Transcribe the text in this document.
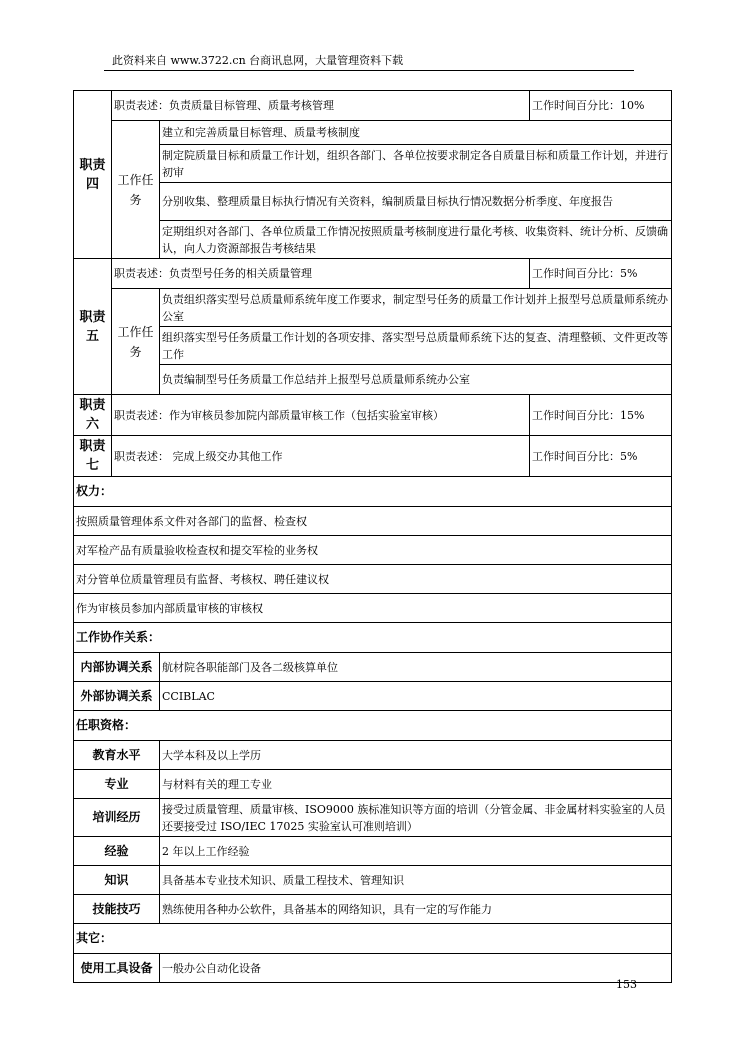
此资料来自 www.3722.cn 台商讯息网，大量管理资料下载
职责四	职责表述：负责质量目标管理、质量考核管理		工作时间百分比：10%
	工作任务	建立和完善质量目标管理、质量考核制度	
		制定院质量目标和质量工作计划，组织各部门、各单位按要求制定各自质量目标和质量工作计划，并进行初审	
		分别收集、整理质量目标执行情况有关资料，编制质量目标执行情况数据分析季度、年度报告	
		定期组织对各部门、各单位质量工作情况按照质量考核制度进行量化考核、收集资料、统计分析、反馈确认，向人力资源部报告考核结果	
职责五	职责表述：负责型号任务的相关质量管理		工作时间百分比：5%
	工作任务	负责组织落实型号总质量师系统年度工作要求，制定型号任务的质量工作计划并上报型号总质量师系统办公室	
		组织落实型号任务质量工作计划的各项安排、落实型号总质量师系统下达的复查、清理整顿、文件更改等工作	
		负责编制型号任务质量工作总结并上报型号总质量师系统办公室	
职责六	职责表述：作为审核员参加院内部质量审核工作（包括实验室审核）		工作时间百分比：15%
职责七	职责表述： 完成上级交办其他工作		工作时间百分比：5%
权力：			
按照质量管理体系文件对各部门的监督、检查权			
对军检产品有质量验收检查权和提交军检的业务权			
对分管单位质量管理员有监督、考核权、聘任建议权			
作为审核员参加内部质量审核的审核权			
工作协作关系：			
内部协调关系		航材院各职能部门及各二级核算单位	
外部协调关系		CCIBLAC	
任职资格：			
教育水平		大学本科及以上学历	
专业		与材料有关的理工专业	
培训经历		接受过质量管理、质量审核、ISO9000 族标准知识等方面的培训（分管金属、非金属材料实验室的人员还要接受过 ISO/IEC 17025 实验室认可准则培训）	
经验		2 年以上工作经验	
知识		具备基本专业技术知识、质量工程技术、管理知识	
技能技巧		熟练使用各种办公软件，具备基本的网络知识，具有一定的写作能力	
其它：			
使用工具设备		一般办公自动化设备	
153
